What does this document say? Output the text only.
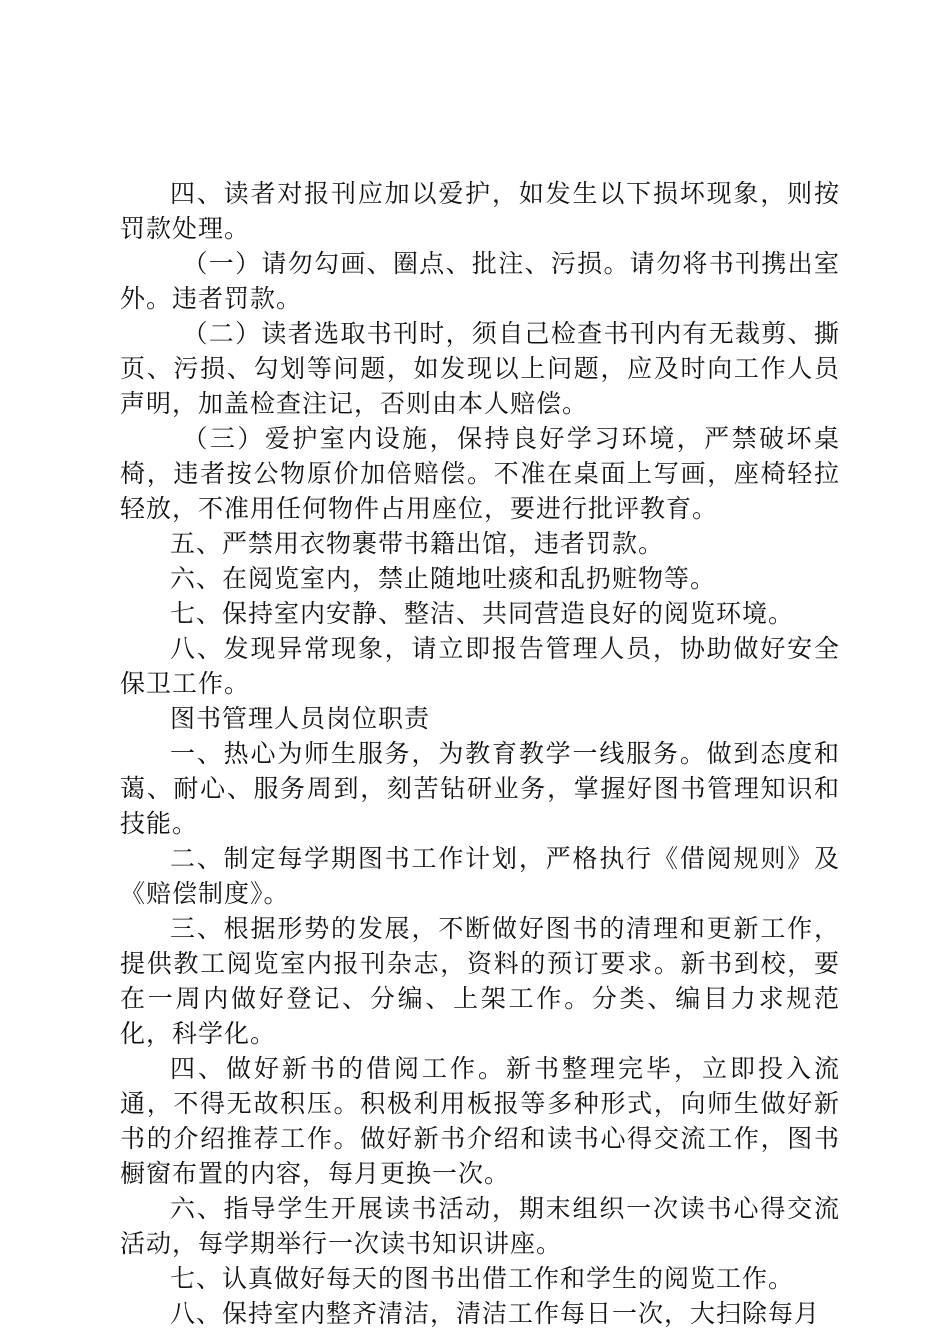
四、读者对报刊应加以爱护，如发生以下损坏现象，则按罚款处理。

（一）请勿勾画、圈点、批注、污损。请勿将书刊携出室外。违者罚款。

（二）读者选取书刊时，须自己检查书刊内有无裁剪、撕页、污损、勾划等问题，如发现以上问题，应及时向工作人员声明，加盖检查注记，否则由本人赔偿。

（三）爱护室内设施，保持良好学习环境，严禁破坏桌椅，违者按公物原价加倍赔偿。不准在桌面上写画，座椅轻拉轻放，不准用任何物件占用座位，要进行批评教育。

五、严禁用衣物裹带书籍出馆，违者罚款。

六、在阅览室内，禁止随地吐痰和乱扔赃物等。

七、保持室内安静、整洁、共同营造良好的阅览环境。

八、发现异常现象，请立即报告管理人员，协助做好安全保卫工作。

图书管理人员岗位职责

一、热心为师生服务，为教育教学一线服务。做到态度和蔼、耐心、服务周到，刻苦钻研业务，掌握好图书管理知识和技能。

二、制定每学期图书工作计划，严格执行《借阅规则》及《赔偿制度》。

三、根据形势的发展，不断做好图书的清理和更新工作，提供教工阅览室内报刊杂志，资料的预订要求。新书到校，要在一周内做好登记、分编、上架工作。分类、编目力求规范化，科学化。

四、做好新书的借阅工作。新书整理完毕，立即投入流通，不得无故积压。积极利用板报等多种形式，向师生做好新书的介绍推荐工作。做好新书介绍和读书心得交流工作，图书橱窗布置的内容，每月更换一次。

六、指导学生开展读书活动，期末组织一次读书心得交流活动，每学期举行一次读书知识讲座。

七、认真做好每天的图书出借工作和学生的阅览工作。

八、保持室内整齐清洁，清洁工作每日一次，大扫除每月
